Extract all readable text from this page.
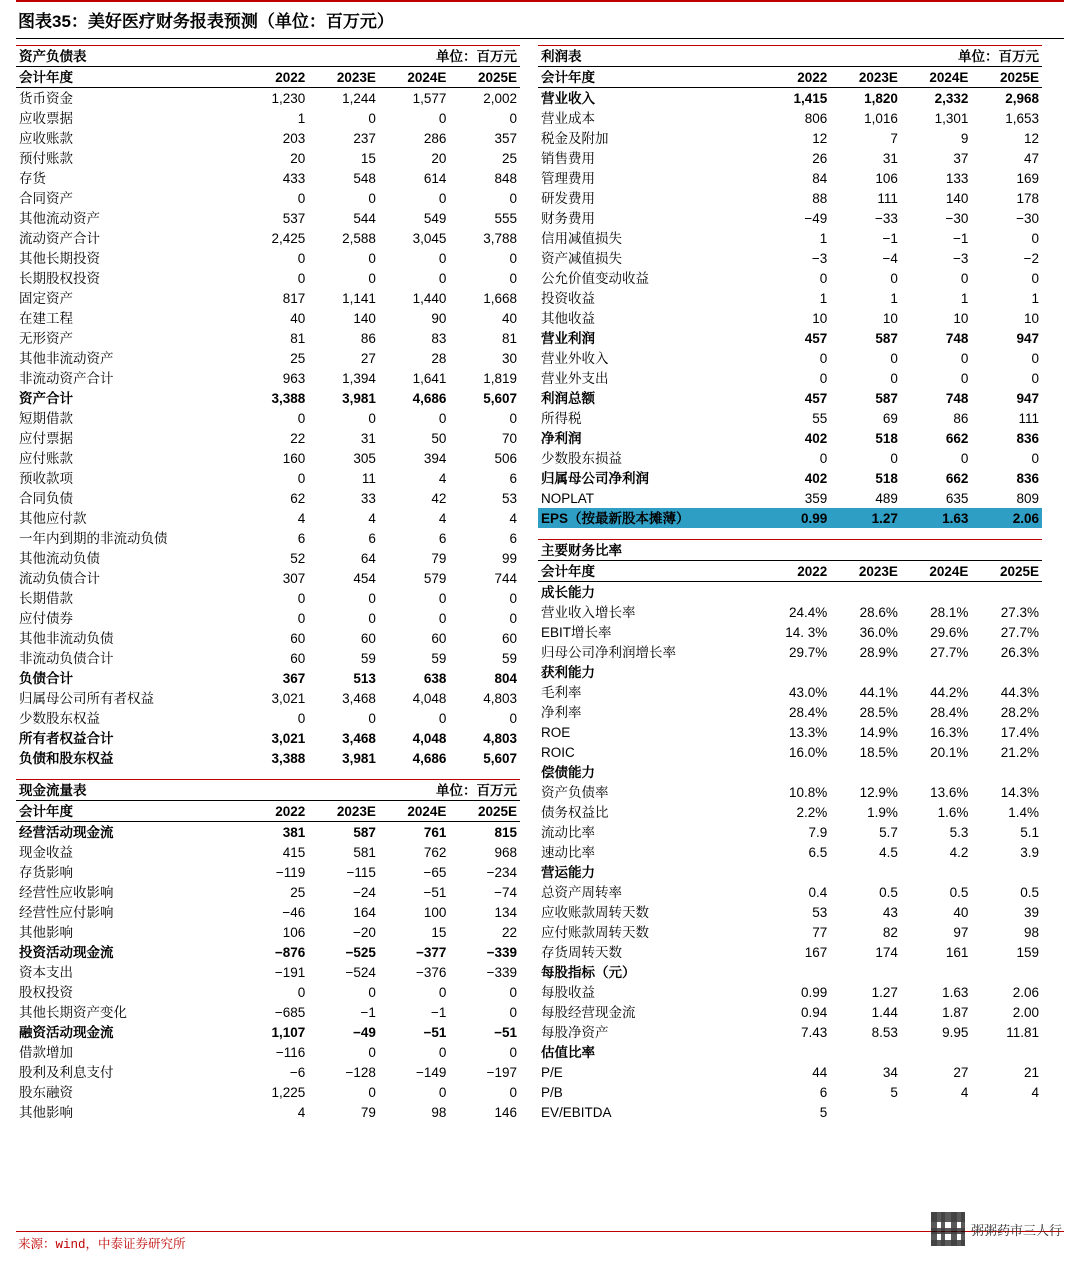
图表35：美好医疗财务报表预测（单位：百万元）
资产负债表	单位：百万元			
会计年度	2022	2023E	2024E	2025E
货币资金	1,230	1,244	1,577	2,002
应收票据	1	0	0	0
应收账款	203	237	286	357
预付账款	20	15	20	25
存货	433	548	614	848
合同资产	0	0	0	0
其他流动资产	537	544	549	555
流动资产合计	2,425	2,588	3,045	3,788
其他长期投资	0	0	0	0
长期股权投资	0	0	0	0
固定资产	817	1,141	1,440	1,668
在建工程	40	140	90	40
无形资产	81	86	83	81
其他非流动资产	25	27	28	30
非流动资产合计	963	1,394	1,641	1,819
资产合计	3,388	3,981	4,686	5,607
短期借款	0	0	0	0
应付票据	22	31	50	70
应付账款	160	305	394	506
预收款项	0	11	4	6
合同负债	62	33	42	53
其他应付款	4	4	4	4
一年内到期的非流动负债	6	6	6	6
其他流动负债	52	64	79	99
流动负债合计	307	454	579	744
长期借款	0	0	0	0
应付债券	0	0	0	0
其他非流动负债	60	60	60	60
非流动负债合计	60	59	59	59
负债合计	367	513	638	804
归属母公司所有者权益	3,021	3,468	4,048	4,803
少数股东权益	0	0	0	0
所有者权益合计	3,021	3,468	4,048	4,803
负债和股东权益	3,388	3,981	4,686	5,607

现金流量表	单位：百万元			
会计年度	2022	2023E	2024E	2025E
经营活动现金流	381	587	761	815
现金收益	415	581	762	968
存货影响	−119	−115	−65	−234
经营性应收影响	25	−24	−51	−74
经营性应付影响	−46	164	100	134
其他影响	106	−20	15	22
投资活动现金流	−876	−525	−377	−339
资本支出	−191	−524	−376	−339
股权投资	0	0	0	0
其他长期资产变化	−685	−1	−1	0
融资活动现金流	1,107	−49	−51	−51
借款增加	−116	0	0	0
股利及利息支付	−6	−128	−149	−197
股东融资	1,225	0	0	0
其他影响	4	79	98	146
利润表	单位：百万元			
会计年度	2022	2023E	2024E	2025E
营业收入	1,415	1,820	2,332	2,968
营业成本	806	1,016	1,301	1,653
税金及附加	12	7	9	12
销售费用	26	31	37	47
管理费用	84	106	133	169
研发费用	88	111	140	178
财务费用	−49	−33	−30	−30
信用减值损失	1	−1	−1	0
资产减值损失	−3	−4	−3	−2
公允价值变动收益	0	0	0	0
投资收益	1	1	1	1
其他收益	10	10	10	10
营业利润	457	587	748	947
营业外收入	0	0	0	0
营业外支出	0	0	0	0
利润总额	457	587	748	947
所得税	55	69	86	111
净利润	402	518	662	836
少数股东损益	0	0	0	0
归属母公司净利润	402	518	662	836
NOPLAT	359	489	635	809
EPS（按最新股本摊薄）	0.99	1.27	1.63	2.06

主要财务比率				
会计年度	2022	2023E	2024E	2025E
成长能力				
营业收入增长率	24.4%	28.6%	28.1%	27.3%
EBIT增长率	14. 3%	36.0%	29.6%	27.7%
归母公司净利润增长率	29.7%	28.9%	27.7%	26.3%
获利能力				
毛利率	43.0%	44.1%	44.2%	44.3%
净利率	28.4%	28.5%	28.4%	28.2%
ROE	13.3%	14.9%	16.3%	17.4%
ROIC	16.0%	18.5%	20.1%	21.2%
偿债能力				
资产负债率	10.8%	12.9%	13.6%	14.3%
债务权益比	2.2%	1.9%	1.6%	1.4%
流动比率	7.9	5.7	5.3	5.1
速动比率	6.5	4.5	4.2	3.9
营运能力				
总资产周转率	0.4	0.5	0.5	0.5
应收账款周转天数	53	43	40	39
应付账款周转天数	77	82	97	98
存货周转天数	167	174	161	159
每股指标（元）				
每股收益	0.99	1.27	1.63	2.06
每股经营现金流	0.94	1.44	1.87	2.00
每股净资产	7.43	8.53	9.95	11.81
估值比率				
P/E	44	34	27	21
P/B	6	5	4	4
EV/EBITDA	5			
来源：wind，中泰证券研究所
粥粥药市三人行
